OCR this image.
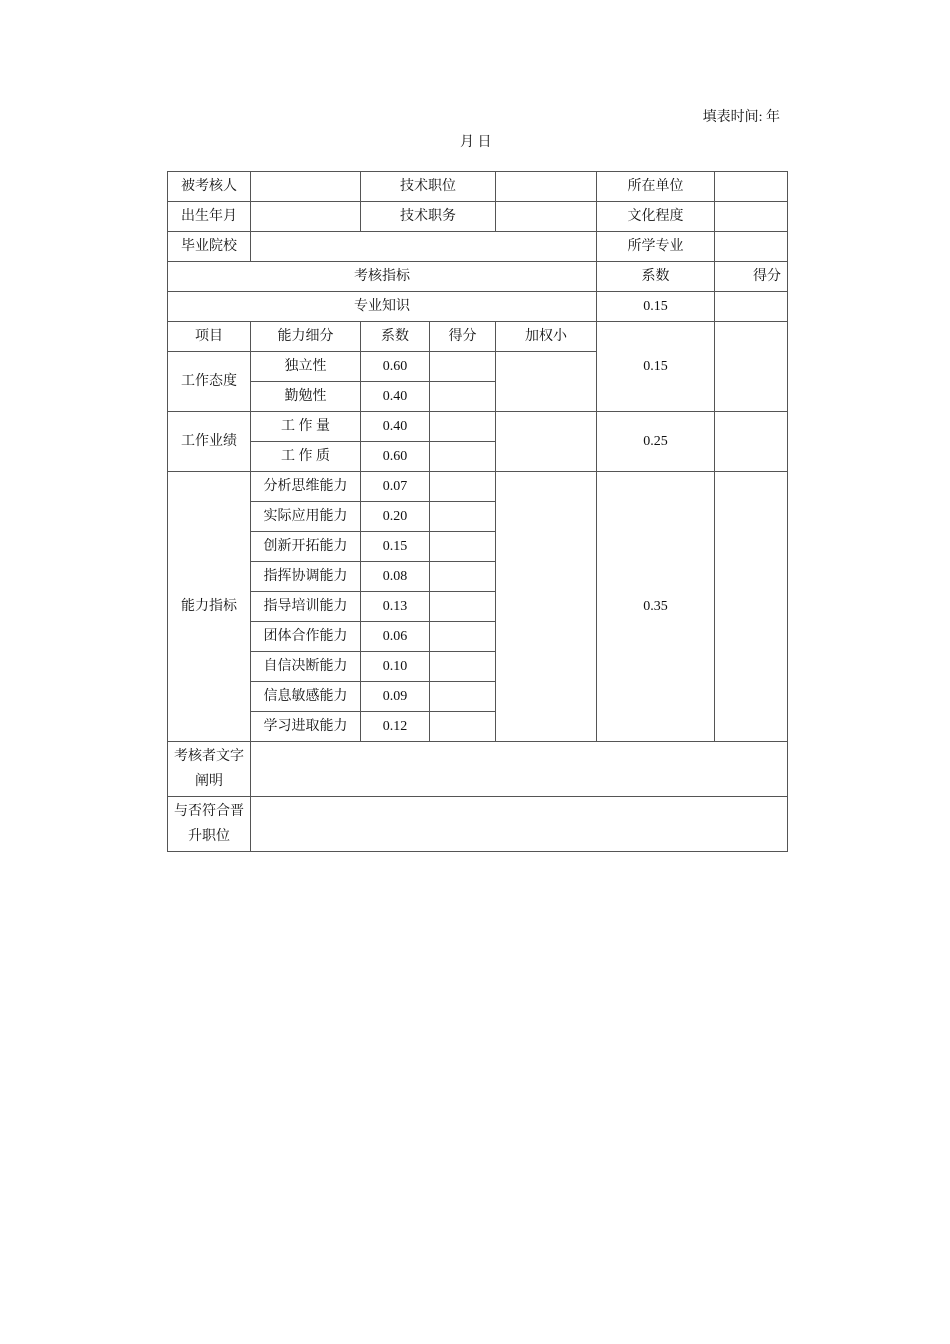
填表时间: 年
月 日
被考核人		技术职位			所在单位	
出生年月		技术职务			文化程度	
毕业院校					所学专业	
考核指标					系数	得分
专业知识					0.15	
项目	能力细分	系数	得分	加权小	0.15	
工作态度	独立性	0.60				
	勤勉性	0.40				
工作业绩	工 作 量	0.40			0.25	
	工 作 质	0.60				
能力指标	分析思维能力	0.07			0.35	
	实际应用能力	0.20				
	创新开拓能力	0.15				
	指挥协调能力	0.08				
	指导培训能力	0.13				
	团体合作能力	0.06				
	自信决断能力	0.10				
	信息敏感能力	0.09				
	学习进取能力	0.12				
考核者文字阐明						
与否符合晋升职位						
